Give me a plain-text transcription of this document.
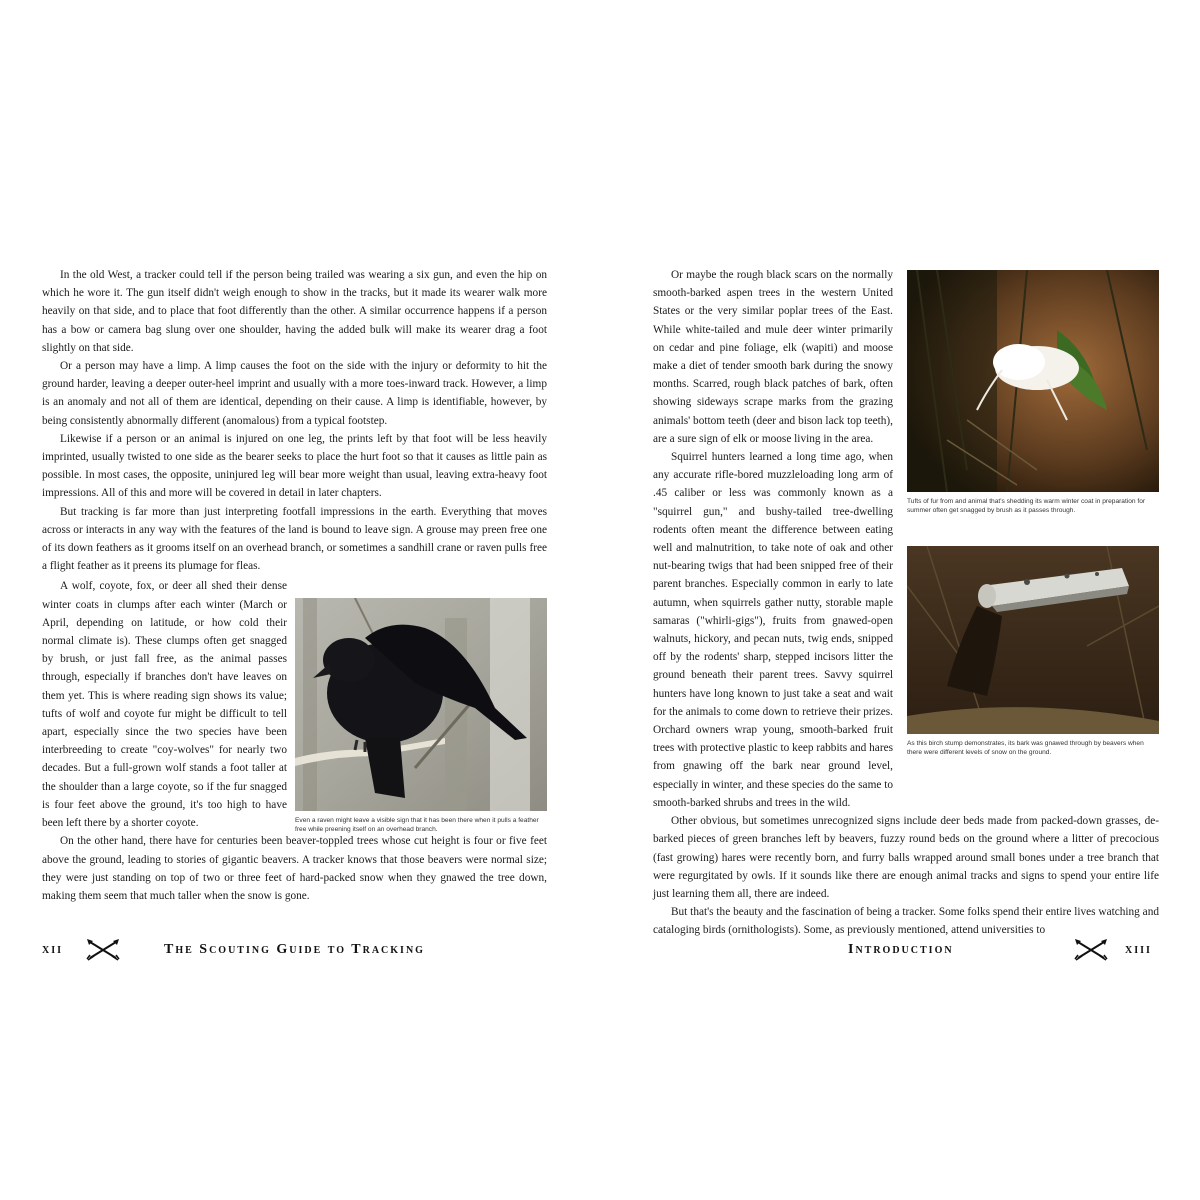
In the old West, a tracker could tell if the person being trailed was wearing a six gun, and even the hip on which he wore it. The gun itself didn't weigh enough to show in the tracks, but it made its wearer walk more heavily on that side, and to place that foot differently than the other. A similar occurrence happens if a person has a bow or camera bag slung over one shoulder, having the added bulk will make its wearer drag a foot slightly on that side.

Or a person may have a limp. A limp causes the foot on the side with the injury or deformity to hit the ground harder, leaving a deeper outer-heel imprint and usually with a more toes-inward track. However, a limp is an anomaly and not all of them are identical, depending on their cause. A limp is identifiable, however, by being consistently abnormally different (anomalous) from a typical footstep.

Likewise if a person or an animal is injured on one leg, the prints left by that foot will be less heavily imprinted, usually twisted to one side as the bearer seeks to place the hurt foot so that it causes as little pain as possible. In most cases, the opposite, uninjured leg will bear more weight than usual, leaving extra-heavy foot impressions. All of this and more will be covered in detail in later chapters.

But tracking is far more than just interpreting footfall impressions in the earth. Everything that moves across or interacts in any way with the features of the land is bound to leave sign. A grouse may preen free one of its down feathers as it grooms itself on an overhead branch, or sometimes a sandhill crane or raven pulls free a flight feather as it preens its plumage for fleas.

A wolf, coyote, fox, or deer all shed their dense winter coats in clumps after each winter (March or April, depending on latitude, or how cold their normal climate is). These clumps often get snagged by brush, or just fall free, as the animal passes through, especially if branches don't have leaves on them yet. This is where reading sign shows its value; tufts of wolf and coyote fur might be difficult to tell apart, especially since the two species have been interbreeding to create "coy-wolves" for nearly two decades. But a full-grown wolf stands a foot taller at the shoulder than a large coyote, so if the fur snagged is four feet above the ground, it's too high to have been left there by a shorter coyote.

On the other hand, there have for centuries been beaver-toppled trees whose cut height is four or five feet above the ground, leading to stories of gigantic beavers. A tracker knows that those beavers were normal size; they were just standing on top of two or three feet of hard-packed snow when they gnawed the tree down, making them seem that much taller when the snow is gone.

Even a raven might leave a visible sign that it has been there when it pulls a feather free while preening itself on an overhead branch.
xii	The Scouting Guide to Tracking

Or maybe the rough black scars on the normally smooth-barked aspen trees in the western United States or the very similar poplar trees of the East. While white-tailed and mule deer winter primarily on cedar and pine foliage, elk (wapiti) and moose make a diet of tender smooth bark during the snowy months. Scarred, rough black patches of bark, often showing sideways scrape marks from the grazing animals' bottom teeth (deer and bison lack top teeth), are a sure sign of elk or moose living in the area.

Squirrel hunters learned a long time ago, when any accurate rifle-bored muzzleloading long arm of .45 caliber or less was commonly known as a "squirrel gun," and bushy-tailed tree-dwelling rodents often meant the difference between eating well and malnutrition, to take note of oak and other nut-bearing twigs that had been snipped free of their parent branches. Especially common in early to late autumn, when squirrels gather nutty, storable maple samaras ("whirli-gigs"), fruits from gnawed-open walnuts, hickory, and pecan nuts, twig ends, snipped off by the rodents' sharp, stepped incisors litter the ground beneath their parent trees. Savvy squirrel hunters have long known to just take a seat and wait for the animals to come down to retrieve their prizes. Orchard owners wrap young, smooth-barked fruit trees with protective plastic to keep rabbits and hares from gnawing off the bark near ground level, especially in winter, and these species do the same to smooth-barked shrubs and trees in the wild.

Other obvious, but sometimes unrecognized signs include deer beds made from packed-down grasses, de-barked pieces of green branches left by beavers, fuzzy round beds on the ground where a litter of precocious (fast growing) hares were recently born, and furry balls wrapped around small bones under a tree branch that were regurgitated by owls. If it sounds like there are enough animal tracks and signs to spend your entire life just learning them all, there are indeed.

But that's the beauty and the fascination of being a tracker. Some folks spend their entire lives watching and cataloging birds (ornithologists). Some, as previously mentioned, attend universities to

Tufts of fur from and animal that's shedding its warm winter coat in preparation for summer often get snagged by brush as it passes through.
As this birch stump demonstrates, its bark was gnawed through by beavers when there were different levels of snow on the ground.
Introduction	xiii
